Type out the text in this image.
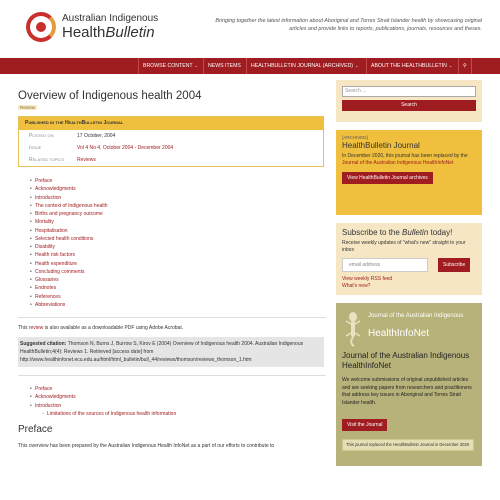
Australian Indigenous
HealthBulletin
Bringing together the latest information about Aboriginal and Torres Strait Islander health by showcasing original articles and provide links to reports, publications, journals, resources and theses.
BROWSE CONTENT ⌄	NEWS ITEMS	HEALTHBULLETIN JOURNAL (ARCHIVED) ⌄	ABOUT THE HEALTHBULLETIN ⌄	⚲
Overview of Indigenous health 2004
Review
Published in the HealthBulletin Journal
Posted on	17 October, 2004
Issue	Vol 4 No 4, October 2004 - December 2004
Related topics	Reviews
• Preface
• Acknowledgments
• Introduction
• The context of Indigenous health
• Births and pregnancy outcome
• Mortality
• Hospitalisation
• Selected health conditions
• Disability
• Health risk factors
• Health expenditure
• Concluding comments
• Glossaries
• Endnotes
• References
• Abbreviations
This review is also available as a downloadable PDF using Adobe Acrobat.
Suggested citation: Thomson N, Burns J, Burrow S, Kirov E (2004) Overview of Indigenous health 2004. Australian Indigenous HealthBulletin;4(4): Reviews 1. Retrieved [access date] from http://www.healthinfonet.ecu.edu.au/html/html_bulletin/bull_44/reviews/thomson/reviews_thomson_1.htm
• Preface
• Acknowledgments
• Introduction
◦ Limitations of the sources of Indigenous health information
Preface
This overview has been prepared by the Australian Indigenous Health InfoNet as a part of our efforts to contribute to
Search ...
Search
[ARCHIVED]
HealthBulletin Journal
In December 2020, this journal has been replaced by the Journal of the Australian Indigenous HealthInfoNet
View HealthBulletin Journal archives
Subscribe to the Bulletin today!
Receive weekly updates of "what's new" straight to your inbox
email address	Subscribe
View weekly RSS feed
What's new?
Journal of the Australian Indigenous
HealthInfoNet
Journal of the Australian Indigenous HealthInfoNet
We welcome submissions of original unpublished articles and are seeking papers from researchers and practitioners that address key issues in Aboriginal and Torres Strait Islander health.
Visit the Journal
This journal replaced the HealthBulletin Journal in December 2020
